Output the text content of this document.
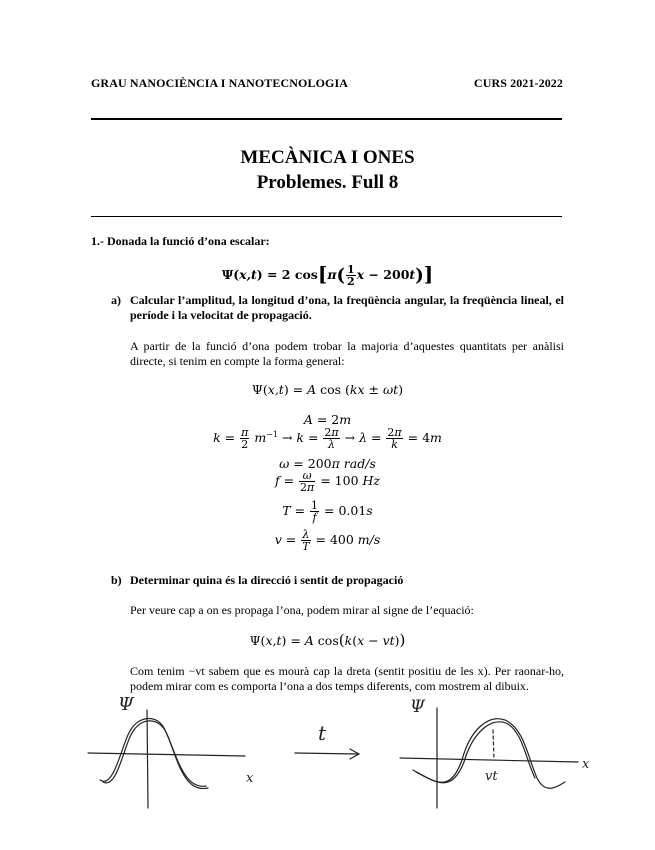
GRAU NANOCIÈNCIA I NANOTECNOLOGIA	CURS 2021-2022
MECÀNICA I ONES
Problemes. Full 8
1.- Donada la funció d’ona escalar:
𝚿(x,t) = 𝟐 $\cos[\pi( \frac{𝟏}{𝟐}$ x − 𝟐𝟎𝟎t)]
a) Calcular l’amplitud, la longitud d’ona, la freqüència angular, la freqüència lineal, el període i la velocitat de propagació.
A partir de la funció d’ona podem trobar la majoria d’aquestes quantitats per anàlisi directe, si tenim en compte la forma general:
Ψ(x,t) = A cos (kx ± ωt)
A = 2m
$k = \frac{\pi}{2} m^{-1} \to k = \frac{2\pi}{\lambda} \to \lambda = \frac{2\pi}{k} = 4m$
ω = 200π rad/s
$f = \frac{\omega}{2\pi} = 100$ Hz
$T = \frac{1}{f} = 0.01s$
$v = \frac{\lambda}{T} = 400$ m/s
b) Determinar quina és la direcció i sentit de propagació
Per veure cap a on es propaga l’ona, podem mirar al signe de l’equació:
Ψ(x,t) = A cos(k(x − vt))
Com tenim −vt sabem que es mourà cap la dreta (sentit positiu de les x). Per raonar-ho, podem mirar com es comporta l’ona a dos temps diferents, com mostrem al dibuix.
Ψ
x
t
Ψ
x
vt
